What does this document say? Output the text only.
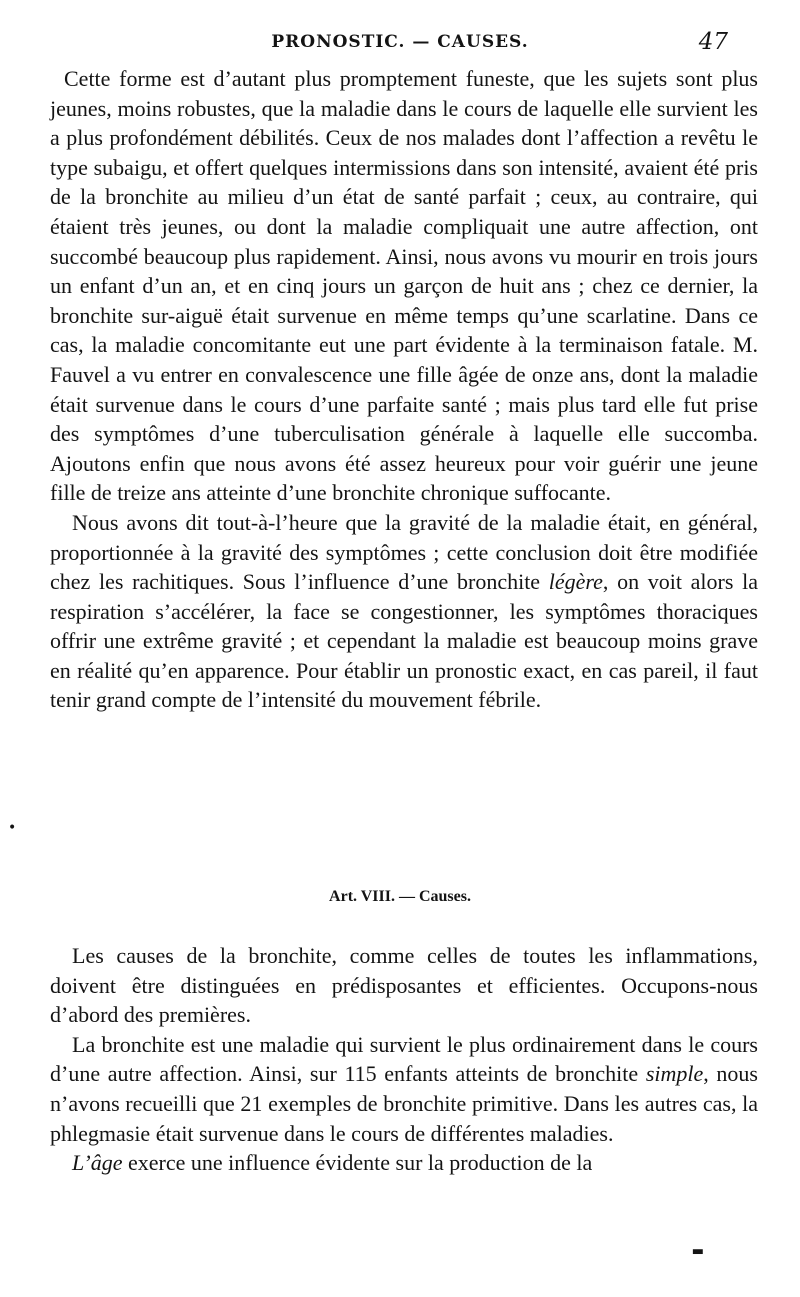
PRONOSTIC. — CAUSES.	47

Cette forme est d’autant plus promptement funeste, que les sujets sont plus jeunes, moins robustes, que la maladie dans le cours de laquelle elle survient les a plus profondément débilités. Ceux de nos malades dont l’affection a revêtu le type subaigu, et offert quelques intermissions dans son intensité, avaient été pris de la bronchite au milieu d’un état de santé parfait ; ceux, au contraire, qui étaient très jeunes, ou dont la maladie compliquait une autre affection, ont succombé beaucoup plus rapidement. Ainsi, nous avons vu mourir en trois jours un enfant d’un an, et en cinq jours un garçon de huit ans ; chez ce dernier, la bronchite sur-aiguë était survenue en même temps qu’une scarlatine. Dans ce cas, la maladie concomitante eut une part évidente à la terminaison fatale. M. Fauvel a vu entrer en convalescence une fille âgée de onze ans, dont la maladie était survenue dans le cours d’une parfaite santé ; mais plus tard elle fut prise des symptômes d’une tuberculisation générale à laquelle elle succomba. Ajoutons enfin que nous avons été assez heureux pour voir guérir une jeune fille de treize ans atteinte d’une bronchite chronique suffocante.

Nous avons dit tout-à-l’heure que la gravité de la maladie était, en général, proportionnée à la gravité des symptômes ; cette conclusion doit être modifiée chez les rachitiques. Sous l’influence d’une bronchite légère, on voit alors la respiration s’accélérer, la face se congestionner, les symptômes thoraciques offrir une extrême gravité ; et cependant la maladie est beaucoup moins grave en réalité qu’en apparence. Pour établir un pronostic exact, en cas pareil, il faut tenir grand compte de l’intensité du mouvement fébrile.

•
Art. VIII. — Causes.

Les causes de la bronchite, comme celles de toutes les inflammations, doivent être distinguées en prédisposantes et efficientes. Occupons-nous d’abord des premières.

La bronchite est une maladie qui survient le plus ordinairement dans le cours d’une autre affection. Ainsi, sur 115 enfants atteints de bronchite simple, nous n’avons recueilli que 21 exemples de bronchite primitive. Dans les autres cas, la phlegmasie était survenue dans le cours de différentes maladies.

L’âge exerce une influence évidente sur la production de la

▬
